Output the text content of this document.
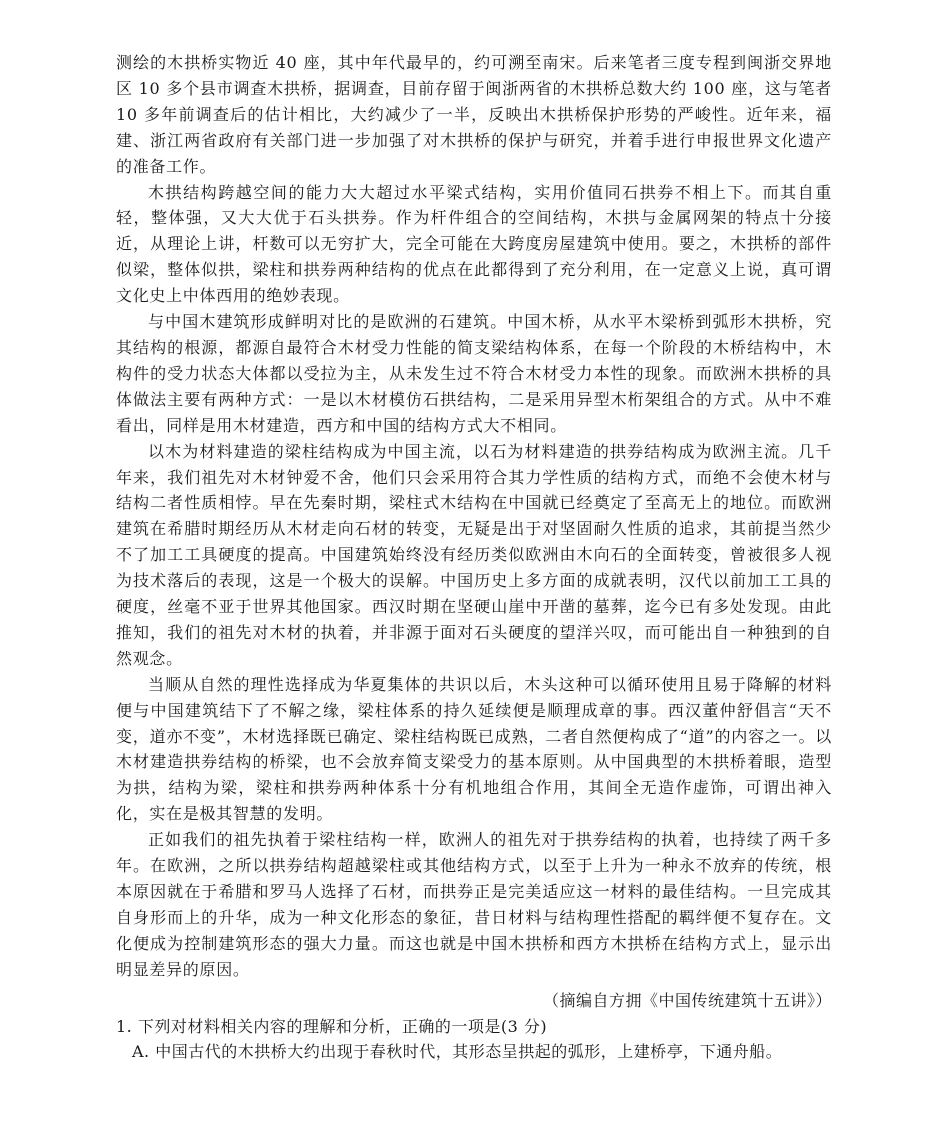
测绘的木拱桥实物近 40 座，其中年代最早的，约可溯至南宋。后来笔者三度专程到闽浙交界地区 10 多个县市调查木拱桥，据调查，目前存留于闽浙两省的木拱桥总数大约 100 座，这与笔者 10 多年前调查后的估计相比，大约减少了一半，反映出木拱桥保护形势的严峻性。近年来，福建、浙江两省政府有关部门进一步加强了对木拱桥的保护与研究，并着手进行申报世界文化遗产的准备工作。

木拱结构跨越空间的能力大大超过水平梁式结构，实用价值同石拱券不相上下。而其自重轻，整体强，又大大优于石头拱券。作为杆件组合的空间结构，木拱与金属网架的特点十分接近，从理论上讲，杆数可以无穷扩大，完全可能在大跨度房屋建筑中使用。要之，木拱桥的部件似梁，整体似拱，梁柱和拱券两种结构的优点在此都得到了充分利用，在一定意义上说，真可谓文化史上中体西用的绝妙表现。

与中国木建筑形成鲜明对比的是欧洲的石建筑。中国木桥，从水平木梁桥到弧形木拱桥，究其结构的根源，都源自最符合木材受力性能的简支梁结构体系，在每一个阶段的木桥结构中，木构件的受力状态大体都以受拉为主，从未发生过不符合木材受力本性的现象。而欧洲木拱桥的具体做法主要有两种方式：一是以木材模仿石拱结构，二是采用异型木桁架组合的方式。从中不难看出，同样是用木材建造，西方和中国的结构方式大不相同。

以木为材料建造的梁柱结构成为中国主流，以石为材料建造的拱券结构成为欧洲主流。几千年来，我们祖先对木材钟爱不舍，他们只会采用符合其力学性质的结构方式，而绝不会使木材与结构二者性质相悖。早在先秦时期，梁柱式木结构在中国就已经奠定了至高无上的地位。而欧洲建筑在希腊时期经历从木材走向石材的转变，无疑是出于对坚固耐久性质的追求，其前提当然少不了加工工具硬度的提高。中国建筑始终没有经历类似欧洲由木向石的全面转变，曾被很多人视为技术落后的表现，这是一个极大的误解。中国历史上多方面的成就表明，汉代以前加工工具的硬度，丝毫不亚于世界其他国家。西汉时期在坚硬山崖中开凿的墓葬，迄今已有多处发现。由此推知，我们的祖先对木材的执着，并非源于面对石头硬度的望洋兴叹，而可能出自一种独到的自然观念。

当顺从自然的理性选择成为华夏集体的共识以后，木头这种可以循环使用且易于降解的材料便与中国建筑结下了不解之缘，梁柱体系的持久延续便是顺理成章的事。西汉董仲舒倡言“天不变，道亦不变”，木材选择既已确定、梁柱结构既已成熟，二者自然便构成了“道”的内容之一。以木材建造拱券结构的桥梁，也不会放弃简支梁受力的基本原则。从中国典型的木拱桥着眼，造型为拱，结构为梁，梁柱和拱券两种体系十分有机地组合作用，其间全无造作虚饰，可谓出神入化，实在是极其智慧的发明。

正如我们的祖先执着于梁柱结构一样，欧洲人的祖先对于拱券结构的执着，也持续了两千多年。在欧洲，之所以拱券结构超越梁柱或其他结构方式，以至于上升为一种永不放弃的传统，根本原因就在于希腊和罗马人选择了石材，而拱券正是完美适应这一材料的最佳结构。一旦完成其自身形而上的升华，成为一种文化形态的象征，昔日材料与结构理性搭配的羁绊便不复存在。文化便成为控制建筑形态的强大力量。而这也就是中国木拱桥和西方木拱桥在结构方式上，显示出明显差异的原因。

（摘编自方拥《中国传统建筑十五讲》）

1. 下列对材料相关内容的理解和分析，正确的一项是(3 分)

A. 中国古代的木拱桥大约出现于春秋时代，其形态呈拱起的弧形，上建桥亭，下通舟船。
